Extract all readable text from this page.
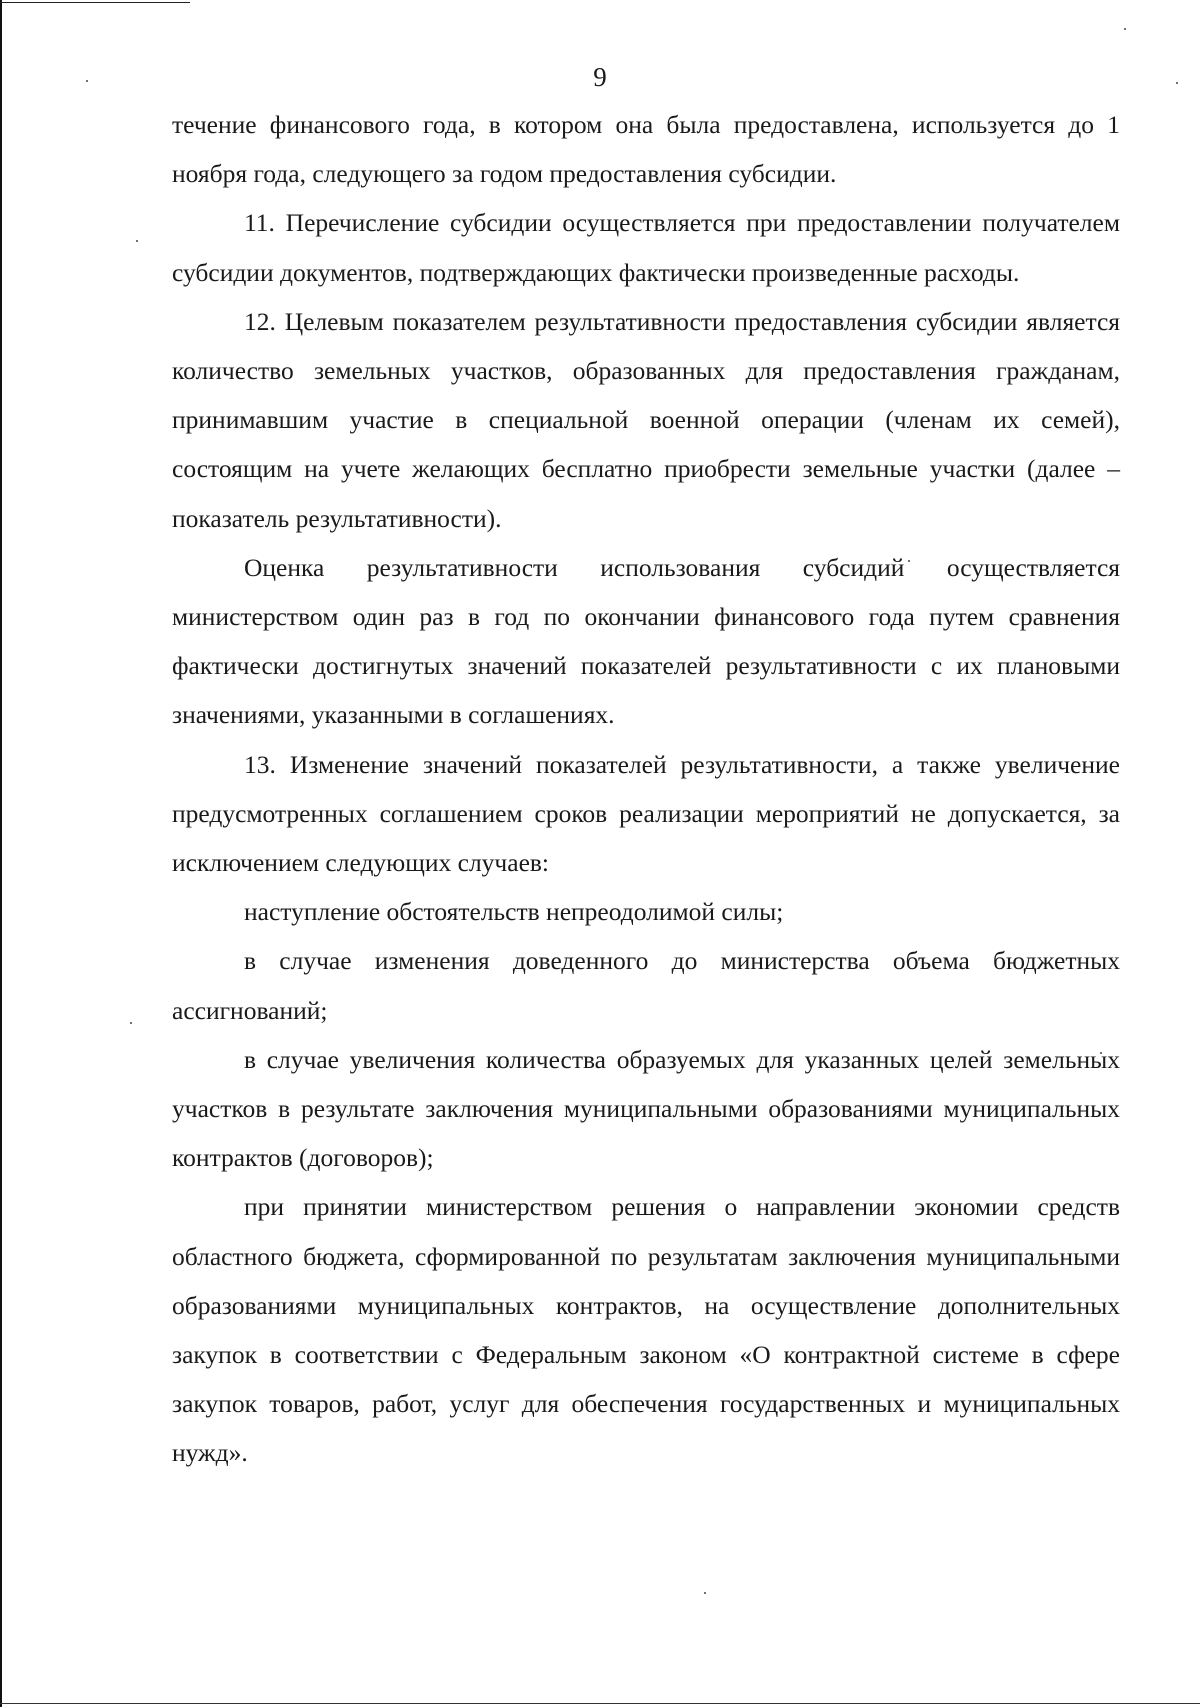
9

течение финансового года, в котором она была предоставлена, используется до 1 ноября года, следующего за годом предоставления субсидии.

11. Перечисление субсидии осуществляется при предоставлении получателем субсидии документов, подтверждающих фактически произведенные расходы.

12. Целевым показателем результативности предоставления субсидии является количество земельных участков, образованных для предоставления гражданам, принимавшим участие в специальной военной операции (членам их семей), состоящим на учете желающих бесплатно приобрести земельные участки (далее – показатель результативности).

Оценка результативности использования субсидий осуществляется министерством один раз в год по окончании финансового года путем сравнения фактически достигнутых значений показателей результативности с их плановыми значениями, указанными в соглашениях.

13. Изменение значений показателей результативности, а также увеличение предусмотренных соглашением сроков реализации мероприятий не допускается, за исключением следующих случаев:

наступление обстоятельств непреодолимой силы;

в случае изменения доведенного до министерства объема бюджетных ассигнований;

в случае увеличения количества образуемых для указанных целей земельных участков в результате заключения муниципальными образованиями муниципальных контрактов (договоров);

при принятии министерством решения о направлении экономии средств областного бюджета, сформированной по результатам заключения муниципальными образованиями муниципальных контрактов, на осуществление дополнительных закупок в соответствии с Федеральным законом «О контрактной системе в сфере закупок товаров, работ, услуг для обеспечения государственных и муниципальных нужд».
